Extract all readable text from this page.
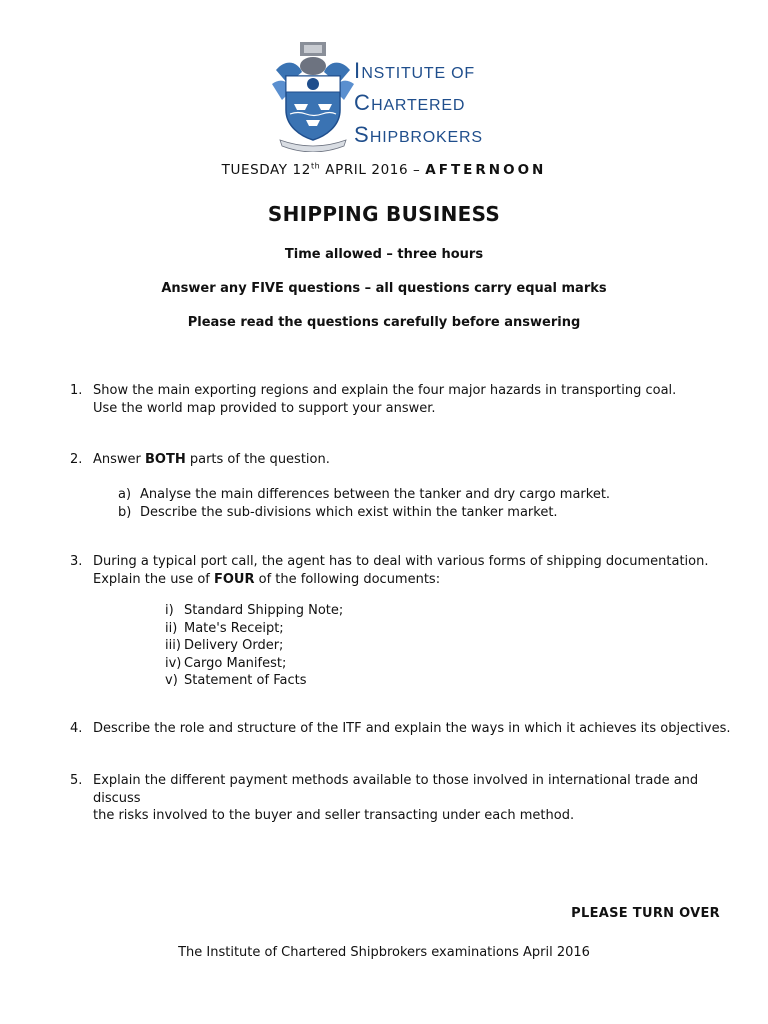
INSTITUTE OF
CHARTERED
SHIPBROKERS
TUESDAY 12th APRIL 2016 – AFTERNOON
SHIPPING BUSINESS
Time allowed – three hours
Answer any FIVE questions – all questions carry equal marks
Please read the questions carefully before answering
1. Show the main exporting regions and explain the four major hazards in transporting coal.
Use the world map provided to support your answer.
2. Answer BOTH parts of the question.
a) Analyse the main differences between the tanker and dry cargo market.
b) Describe the sub-divisions which exist within the tanker market.
3. During a typical port call, the agent has to deal with various forms of shipping documentation.
Explain the use of FOUR of the following documents:
i) Standard Shipping Note;
ii) Mate's Receipt;
iii) Delivery Order;
iv) Cargo Manifest;
v) Statement of Facts
4. Describe the role and structure of the ITF and explain the ways in which it achieves its objectives.
5. Explain the different payment methods available to those involved in international trade and discuss
the risks involved to the buyer and seller transacting under each method.
PLEASE TURN OVER
The Institute of Chartered Shipbrokers examinations April 2016
